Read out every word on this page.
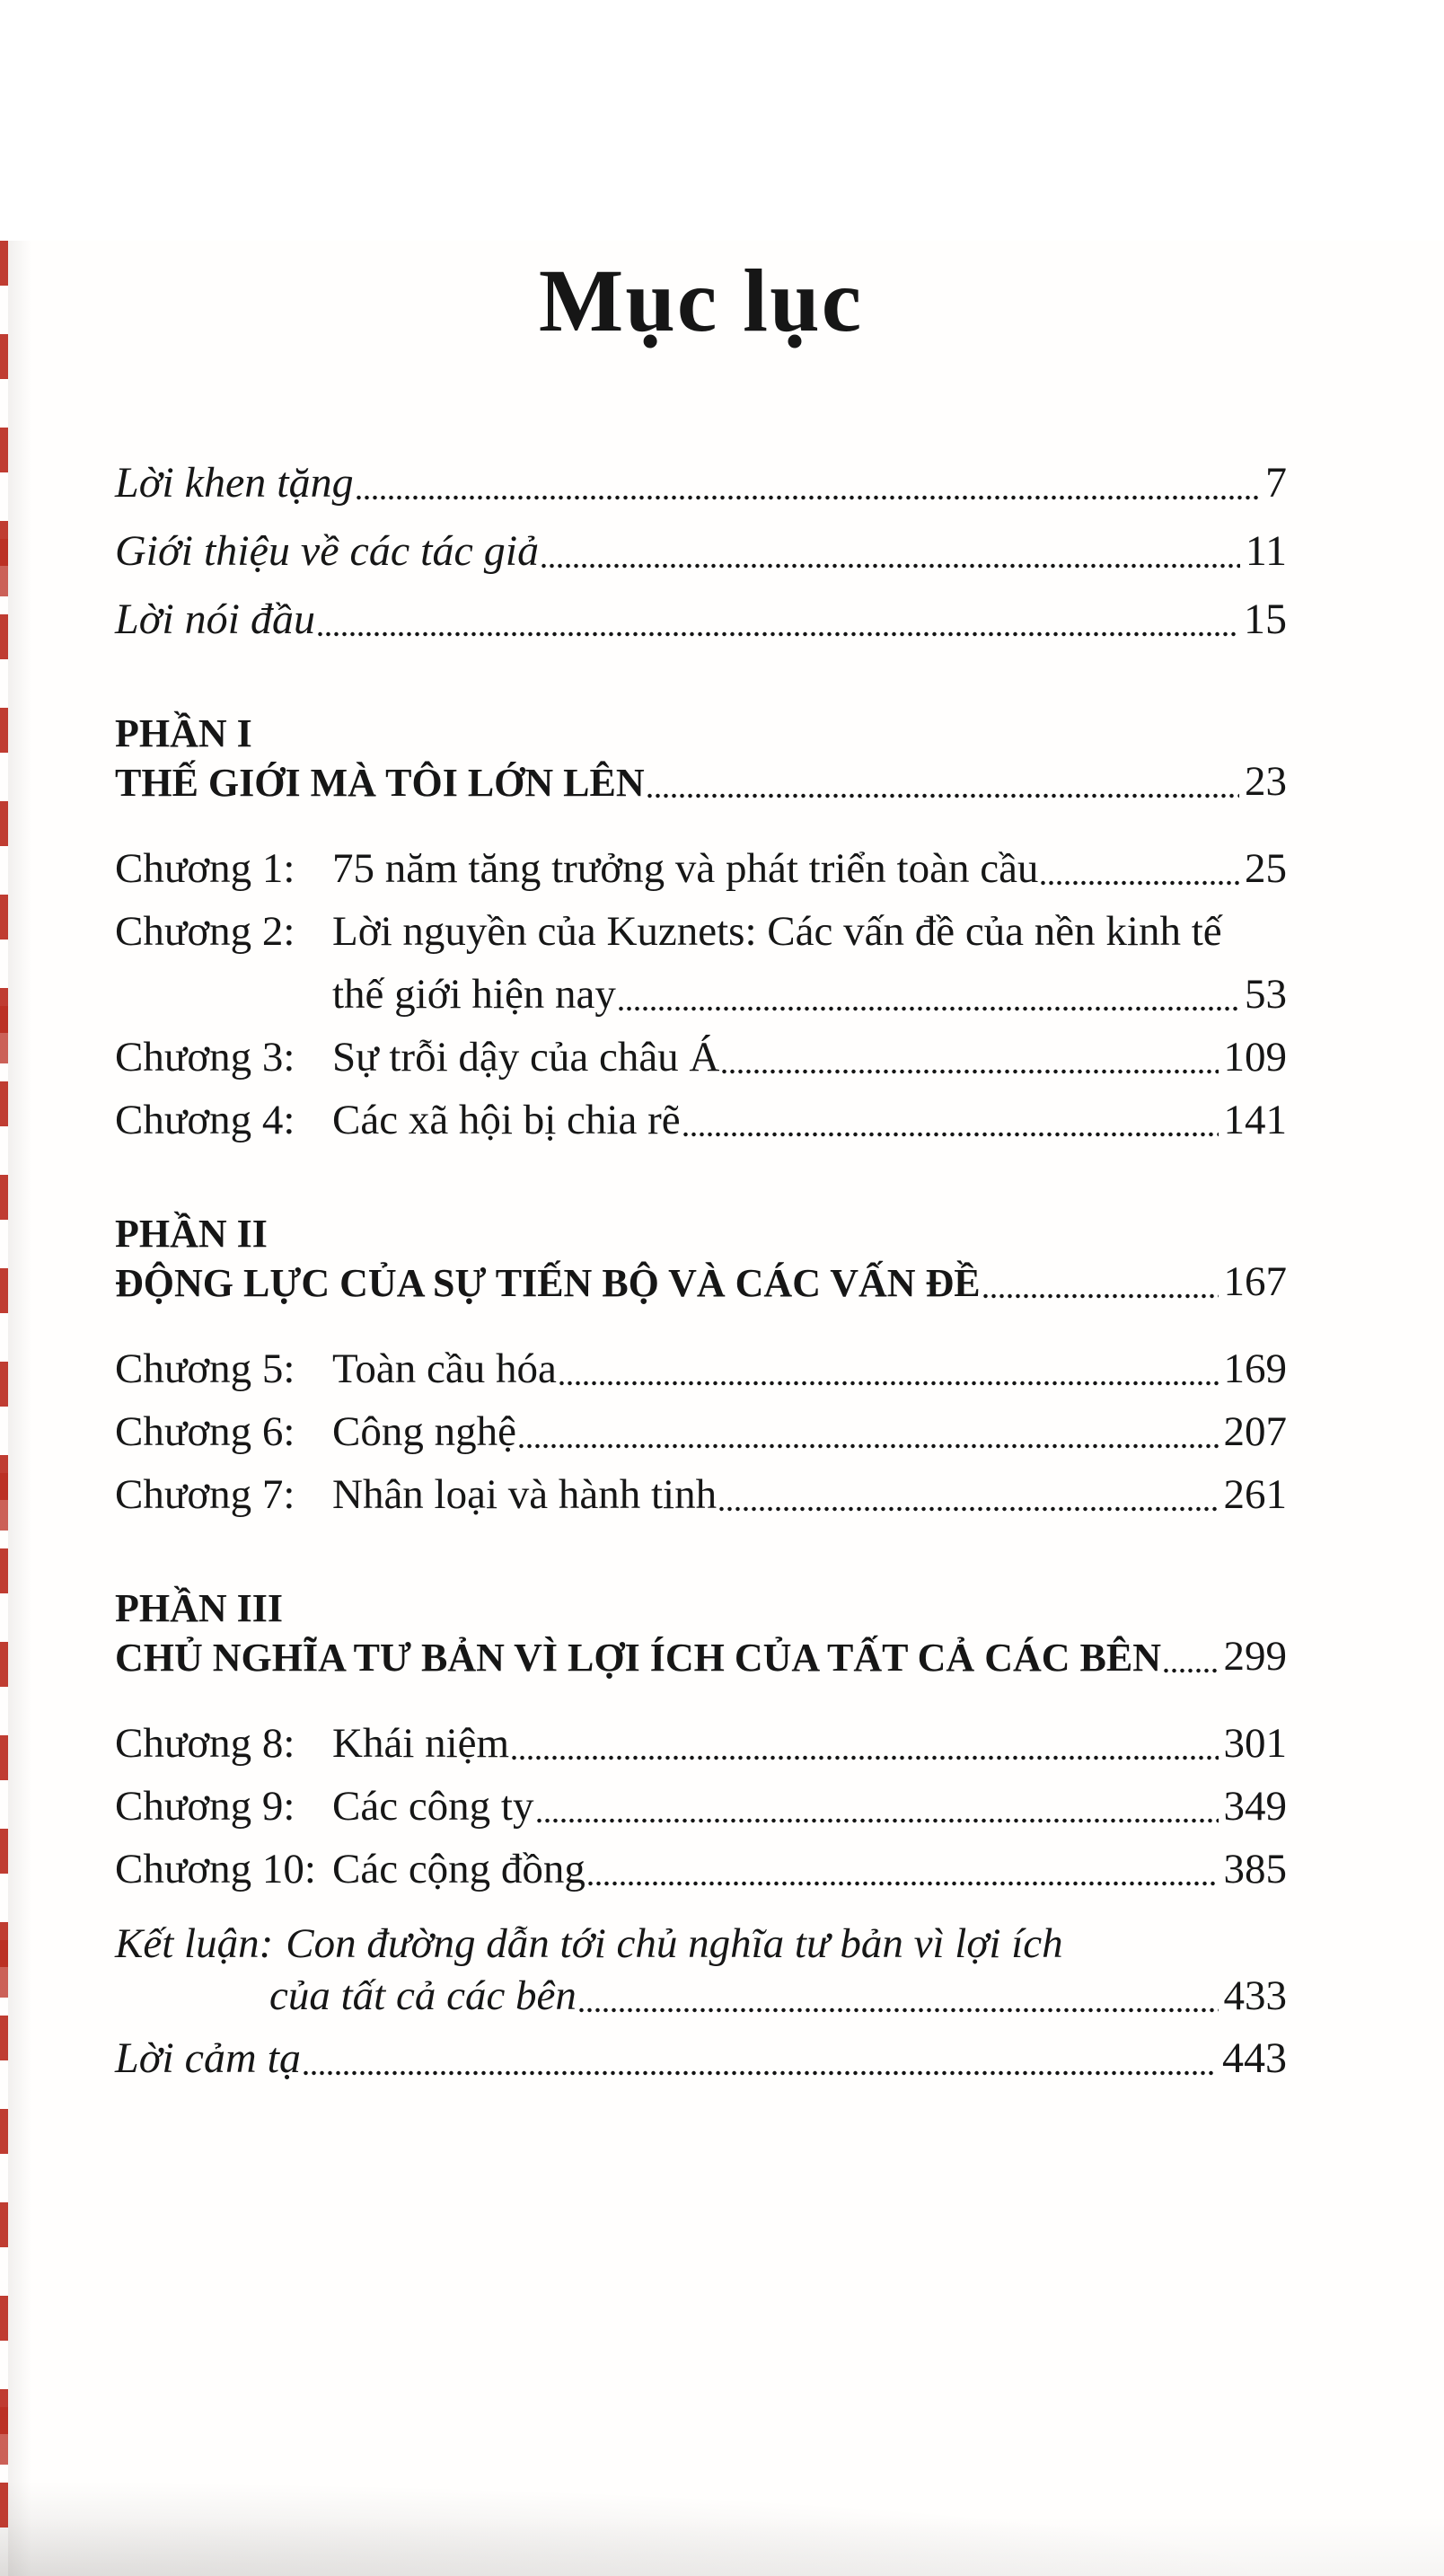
Mục lục
Lời khen tặng	7
Giới thiệu về các tác giả	11
Lời nói đầu	15
PHẦN I
THẾ GIỚI MÀ TÔI LỚN LÊN	23
Chương 1: 75 năm tăng trưởng và phát triển toàn cầu	25
Chương 2: Lời nguyền của Kuznets: Các vấn đề của nền kinh tế
thế giới hiện nay	53
Chương 3: Sự trỗi dậy của châu Á	109
Chương 4: Các xã hội bị chia rẽ	141
PHẦN II
ĐỘNG LỰC CỦA SỰ TIẾN BỘ VÀ CÁC VẤN ĐỀ	167
Chương 5: Toàn cầu hóa	169
Chương 6: Công nghệ	207
Chương 7: Nhân loại và hành tinh	261
PHẦN III
CHỦ NGHĨA TƯ BẢN VÌ LỢI ÍCH CỦA TẤT CẢ CÁC BÊN 299
Chương 8: Khái niệm	301
Chương 9: Các công ty	349
Chương 10: Các cộng đồng	385
Kết luận: Con đường dẫn tới chủ nghĩa tư bản vì lợi ích
của tất cả các bên	433
Lời cảm tạ	443
